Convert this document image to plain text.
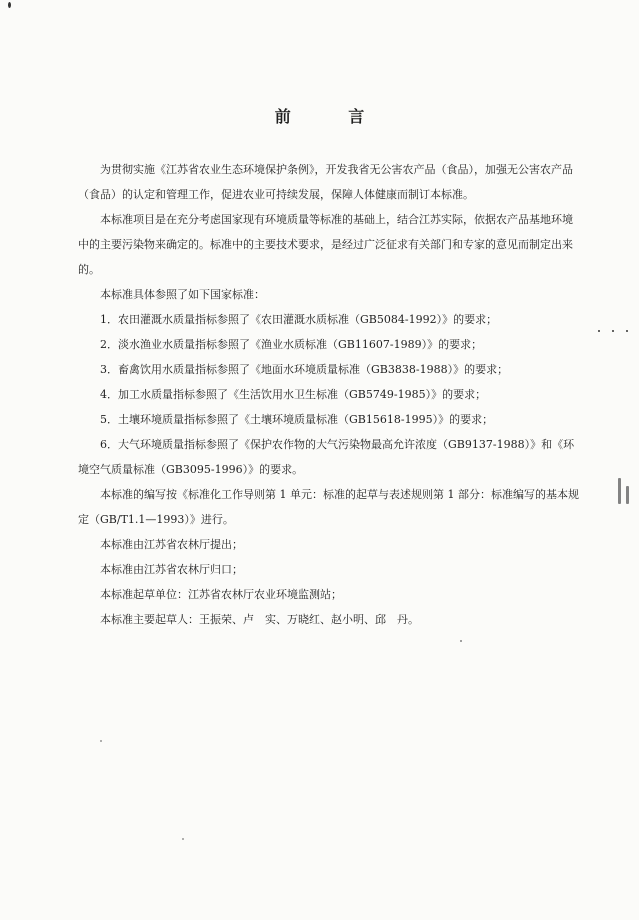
前 言

为贯彻实施《江苏省农业生态环境保护条例》，开发我省无公害农产品（食品），加强无公害农产品（食品）的认定和管理工作，促进农业可持续发展，保障人体健康而制订本标准。

本标准项目是在充分考虑国家现有环境质量等标准的基础上，结合江苏实际，依据农产品基地环境中的主要污染物来确定的。标准中的主要技术要求，是经过广泛征求有关部门和专家的意见而制定出来的。

本标准具体参照了如下国家标准：

1．农田灌溉水质量指标参照了《农田灌溉水质标准（GB5084-1992）》的要求；

2．淡水渔业水质量指标参照了《渔业水质标准（GB11607-1989）》的要求；

3．畜禽饮用水质量指标参照了《地面水环境质量标准（GB3838-1988）》的要求；

4．加工水质量指标参照了《生活饮用水卫生标准（GB5749-1985）》的要求；

5．土壤环境质量指标参照了《土壤环境质量标准（GB15618-1995）》的要求；

6．大气环境质量指标参照了《保护农作物的大气污染物最高允许浓度（GB9137-1988）》和《环境空气质量标准（GB3095-1996）》的要求。

本标准的编写按《标准化工作导则第 1 单元：标准的起草与表述规则第 1 部分：标准编写的基本规定（GB/T1.1—1993）》进行。

本标准由江苏省农林厅提出；

本标准由江苏省农林厅归口；

本标准起草单位：江苏省农林厅农业环境监测站；

本标准主要起草人：王振荣、卢　实、万晓红、赵小明、邱　丹。
